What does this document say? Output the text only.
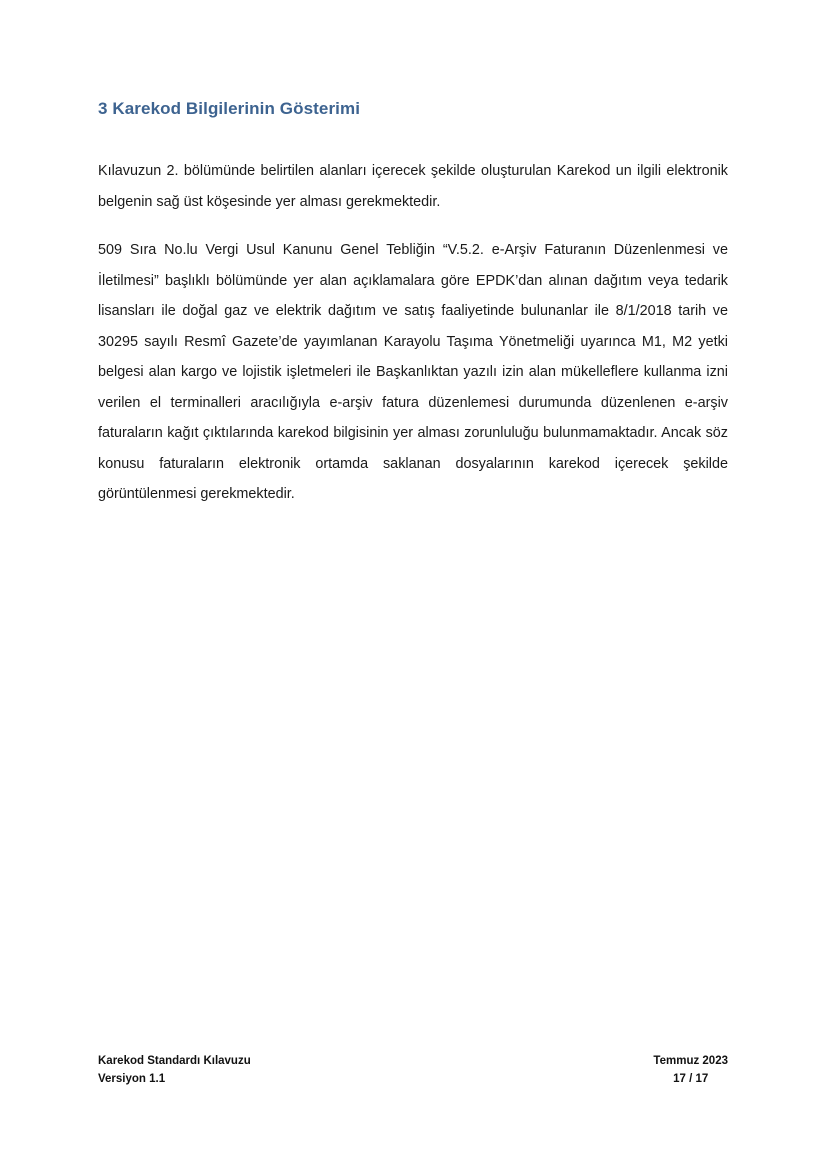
3 Karekod Bilgilerinin Gösterimi

Kılavuzun 2. bölümünde belirtilen alanları içerecek şekilde oluşturulan Karekod un ilgili elektronik belgenin sağ üst köşesinde yer alması gerekmektedir.

509 Sıra No.lu Vergi Usul Kanunu Genel Tebliğin “V.5.2. e-Arşiv Faturanın Düzenlenmesi ve İletilmesi” başlıklı bölümünde yer alan açıklamalara göre EPDK’dan alınan dağıtım veya tedarik lisansları ile doğal gaz ve elektrik dağıtım ve satış faaliyetinde bulunanlar ile 8/1/2018 tarih ve 30295 sayılı Resmî Gazete’de yayımlanan Karayolu Taşıma Yönetmeliği uyarınca M1, M2 yetki belgesi alan kargo ve lojistik işletmeleri ile Başkanlıktan yazılı izin alan mükelleflere kullanma izni verilen el terminalleri aracılığıyla e-arşiv fatura düzenlemesi durumunda düzenlenen e-arşiv faturaların kağıt çıktılarında karekod bilgisinin yer alması zorunluluğu bulunmamaktadır. Ancak söz konusu faturaların elektronik ortamda saklanan dosyalarının karekod içerecek şekilde görüntülenmesi gerekmektedir.

Karekod Standardı Kılavuzu
Versiyon 1.1
Temmuz 2023
17 / 17
